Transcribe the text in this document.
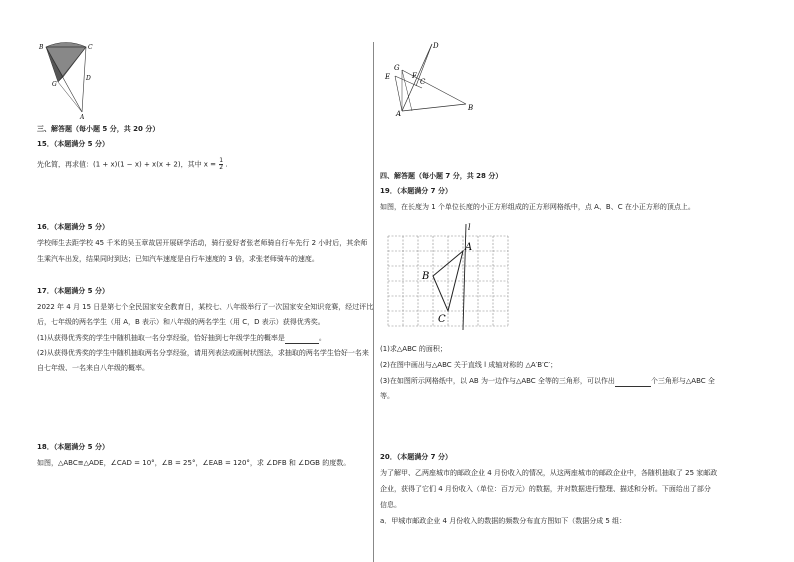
B	C
G
D
A
三、解答题（每小题 5 分，共 20 分）
15．（本题满分 5 分）
先化简，再求值：(1 + x)(1 − x) + x(x + 2)，其中 $x = \frac{1}{2}$ .
16．（本题满分 5 分）
学校师生去距学校 45 千米的吴玉章故居开展研学活动，骑行爱好者张老师骑自行车先行 2 小时后，其余师
生乘汽车出发，结果同时到达；已知汽车速度是自行车速度的 3 倍，求张老师骑车的速度。
17．（本题满分 5 分）
2022 年 4 月 15 日是第七个全民国家安全教育日，某校七、八年级举行了一次国家安全知识竞赛，经过评比
后，七年级的两名学生（用 A，B 表示）和八年级的两名学生（用 C，D 表示）获得优秀奖。
(1)从获得优秀奖的学生中随机抽取一名分享经验，恰好抽到七年级学生的概率是	。
(2)从获得优秀奖的学生中随机抽取两名分享经验，请用列表法或画树状图法，求抽取的两名学生恰好一名来
自七年级、一名来自八年级的概率。
18．（本题满分 5 分）
如图，△ABC≌△ADE，∠CAD = 10°，∠B = 25°，∠EAB = 120°，求 ∠DFB 和 ∠DGB 的度数。
D
G
E	F
C
A
B
四、解答题（每小题 7 分，共 28 分）
19．（本题满分 7 分）
如图，在长度为 1 个单位长度的小正方形组成的正方形网格纸中，点 A、B、C 在小正方形的顶点上。
l
A
B
C
(1)求△ABC 的面积；
(2)在图中画出与△ABC 关于直线 l 成轴对称的 △A′B′C′；
(3)在如图所示网格纸中，以 AB 为一边作与△ABC 全等的三角形，可以作出	个三角形与△ABC 全
等。
20．（本题满分 7 分）
为了解甲、乙两座城市的邮政企业 4 月份收入的情况，从这两座城市的邮政企业中，各随机抽取了 25 家邮政
企业，获得了它们 4 月份收入（单位：百万元）的数据，并对数据进行整理、描述和分析。下面给出了部分
信息。
a．甲城市邮政企业 4 月份收入的数据的频数分布直方图如下（数据分成 5 组：
